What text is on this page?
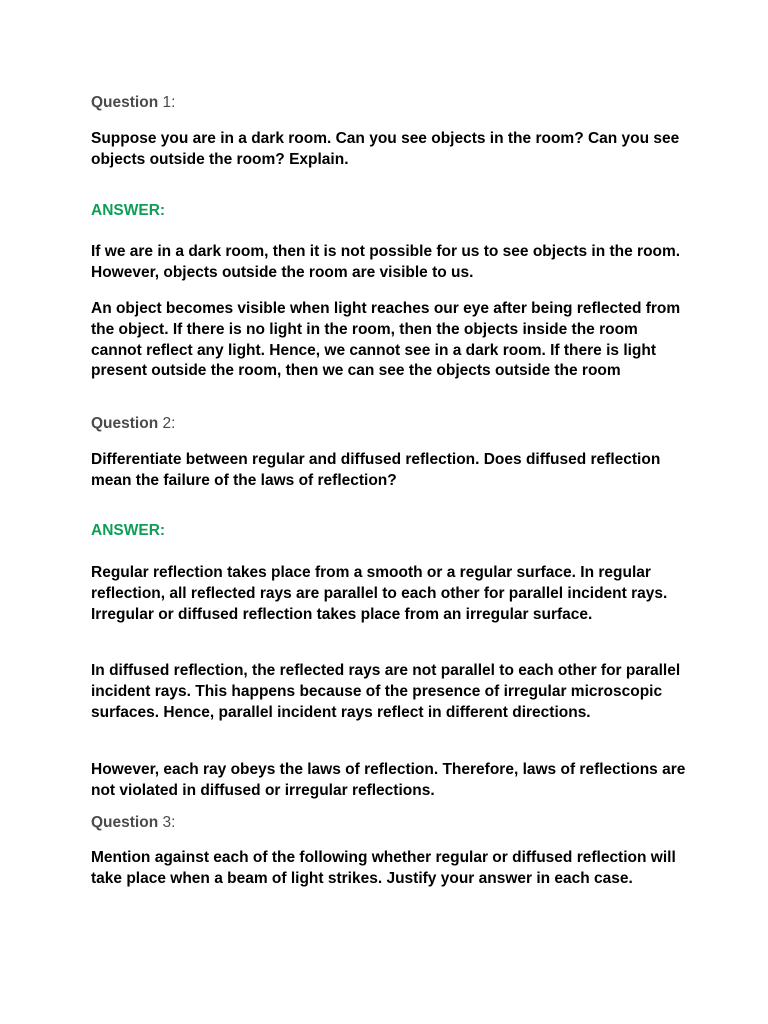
Question 1:

Suppose you are in a dark room. Can you see objects in the room? Can you see objects outside the room? Explain.

ANSWER:

If we are in a dark room, then it is not possible for us to see objects in the room. However, objects outside the room are visible to us.

An object becomes visible when light reaches our eye after being reflected from the object. If there is no light in the room, then the objects inside the room cannot reflect any light. Hence, we cannot see in a dark room. If there is light present outside the room, then we can see the objects outside the room

Question 2:

Differentiate between regular and diffused reflection. Does diffused reflection mean the failure of the laws of reflection?

ANSWER:

Regular reflection takes place from a smooth or a regular surface. In regular reflection, all reflected rays are parallel to each other for parallel incident rays. Irregular or diffused reflection takes place from an irregular surface.

In diffused reflection, the reflected rays are not parallel to each other for parallel incident rays. This happens because of the presence of irregular microscopic surfaces. Hence, parallel incident rays reflect in different directions.

However, each ray obeys the laws of reflection. Therefore, laws of reflections are not violated in diffused or irregular reflections.

Question 3:

Mention against each of the following whether regular or diffused reflection will take place when a beam of light strikes. Justify your answer in each case.
